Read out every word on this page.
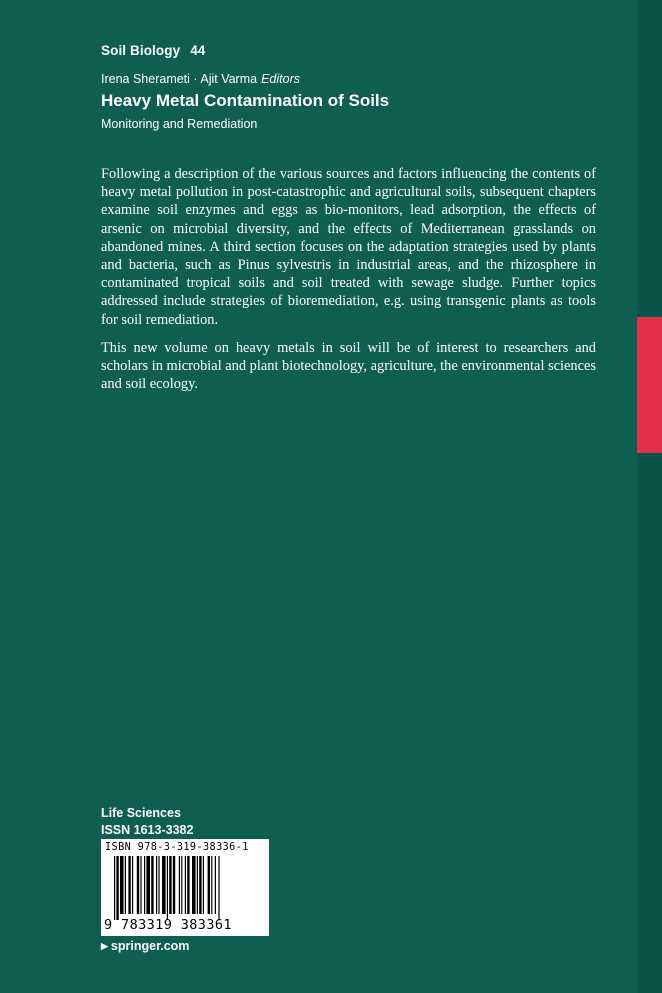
Soil Biology 44
Irena Sherameti · Ajit Varma Editors
Heavy Metal Contamination of Soils
Monitoring and Remediation

Following a description of the various sources and factors influencing the contents of heavy metal pollution in post-catastrophic and agricultural soils, subsequent chapters examine soil enzymes and eggs as bio-monitors, lead adsorption, the effects of arsenic on microbial diversity, and the effects of Mediterranean grasslands on abandoned mines. A third section focuses on the adaptation strategies used by plants and bacteria, such as Pinus sylvestris in industrial areas, and the rhizosphere in contaminated tropical soils and soil treated with sewage sludge. Further topics addressed include strategies of bioremediation, e.g. using transgenic plants as tools for soil remediation.

This new volume on heavy metals in soil will be of interest to researchers and scholars in microbial and plant biotechnology, agriculture, the environmental sciences and soil ecology.

Life Sciences
ISSN 1613-3382
ISBN 978-3-319-38336-1
9 783319 383361
▶ springer.com
